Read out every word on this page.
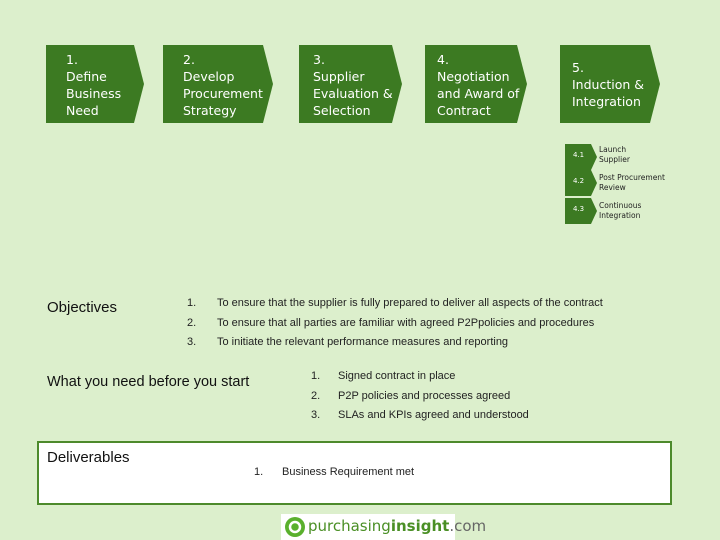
1.
Define
Business
Need
2.
Develop
Procurement
Strategy
3.
Supplier
Evaluation &
Selection
4.
Negotiation
and Award of
Contract
5.
Induction &
Integration
4.1
Launch
Supplier
4.2 Post Procurement
Review
4.3 Continuous
Integration
Objectives	1. To ensure that the supplier is fully prepared to deliver all aspects of the contract
2. To ensure that all parties are familiar with agreed P2Ppolicies and procedures
3. To initiate the relevant performance measures and reporting
What you need before you start	1. Signed contract in place
2. P2P policies and processes agreed
3. SLAs and KPIs agreed and understood
Deliverables
1. Business Requirement met
purchasinginsight.com
